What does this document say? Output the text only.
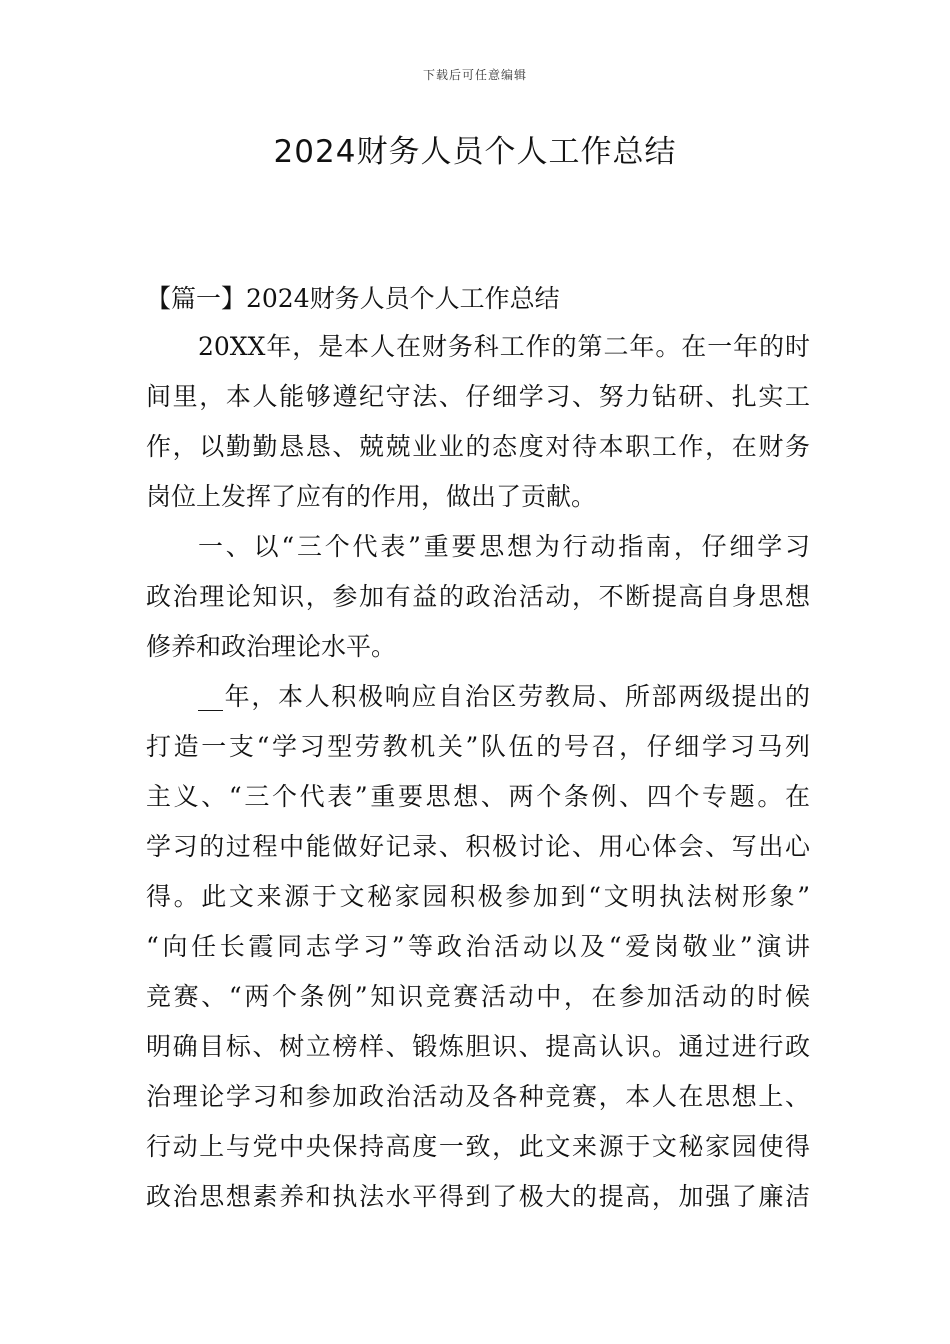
下载后可任意编辑
2024财务人员个人工作总结
【篇一】2024财务人员个人工作总结
20XX年，是本人在财务科工作的第二年。在一年的时
间里，本人能够遵纪守法、仔细学习、努力钻研、扎实工
作，以勤勤恳恳、兢兢业业的态度对待本职工作，在财务
岗位上发挥了应有的作用，做出了贡献。
一、以“三个代表”重要思想为行动指南，仔细学习
政治理论知识，参加有益的政治活动，不断提高自身思想
修养和政治理论水平。
__年，本人积极响应自治区劳教局、所部两级提出的
打造一支“学习型劳教机关”队伍的号召，仔细学习马列
主义、“三个代表”重要思想、两个条例、四个专题。在
学习的过程中能做好记录、积极讨论、用心体会、写出心
得。此文来源于文秘家园积极参加到“文明执法树形象”
“向任长霞同志学习”等政治活动以及“爱岗敬业”演讲
竞赛、“两个条例”知识竞赛活动中，在参加活动的时候
明确目标、树立榜样、锻炼胆识、提高认识。通过进行政
治理论学习和参加政治活动及各种竞赛，本人在思想上、
行动上与党中央保持高度一致，此文来源于文秘家园使得
政治思想素养和执法水平得到了极大的提高，加强了廉洁
